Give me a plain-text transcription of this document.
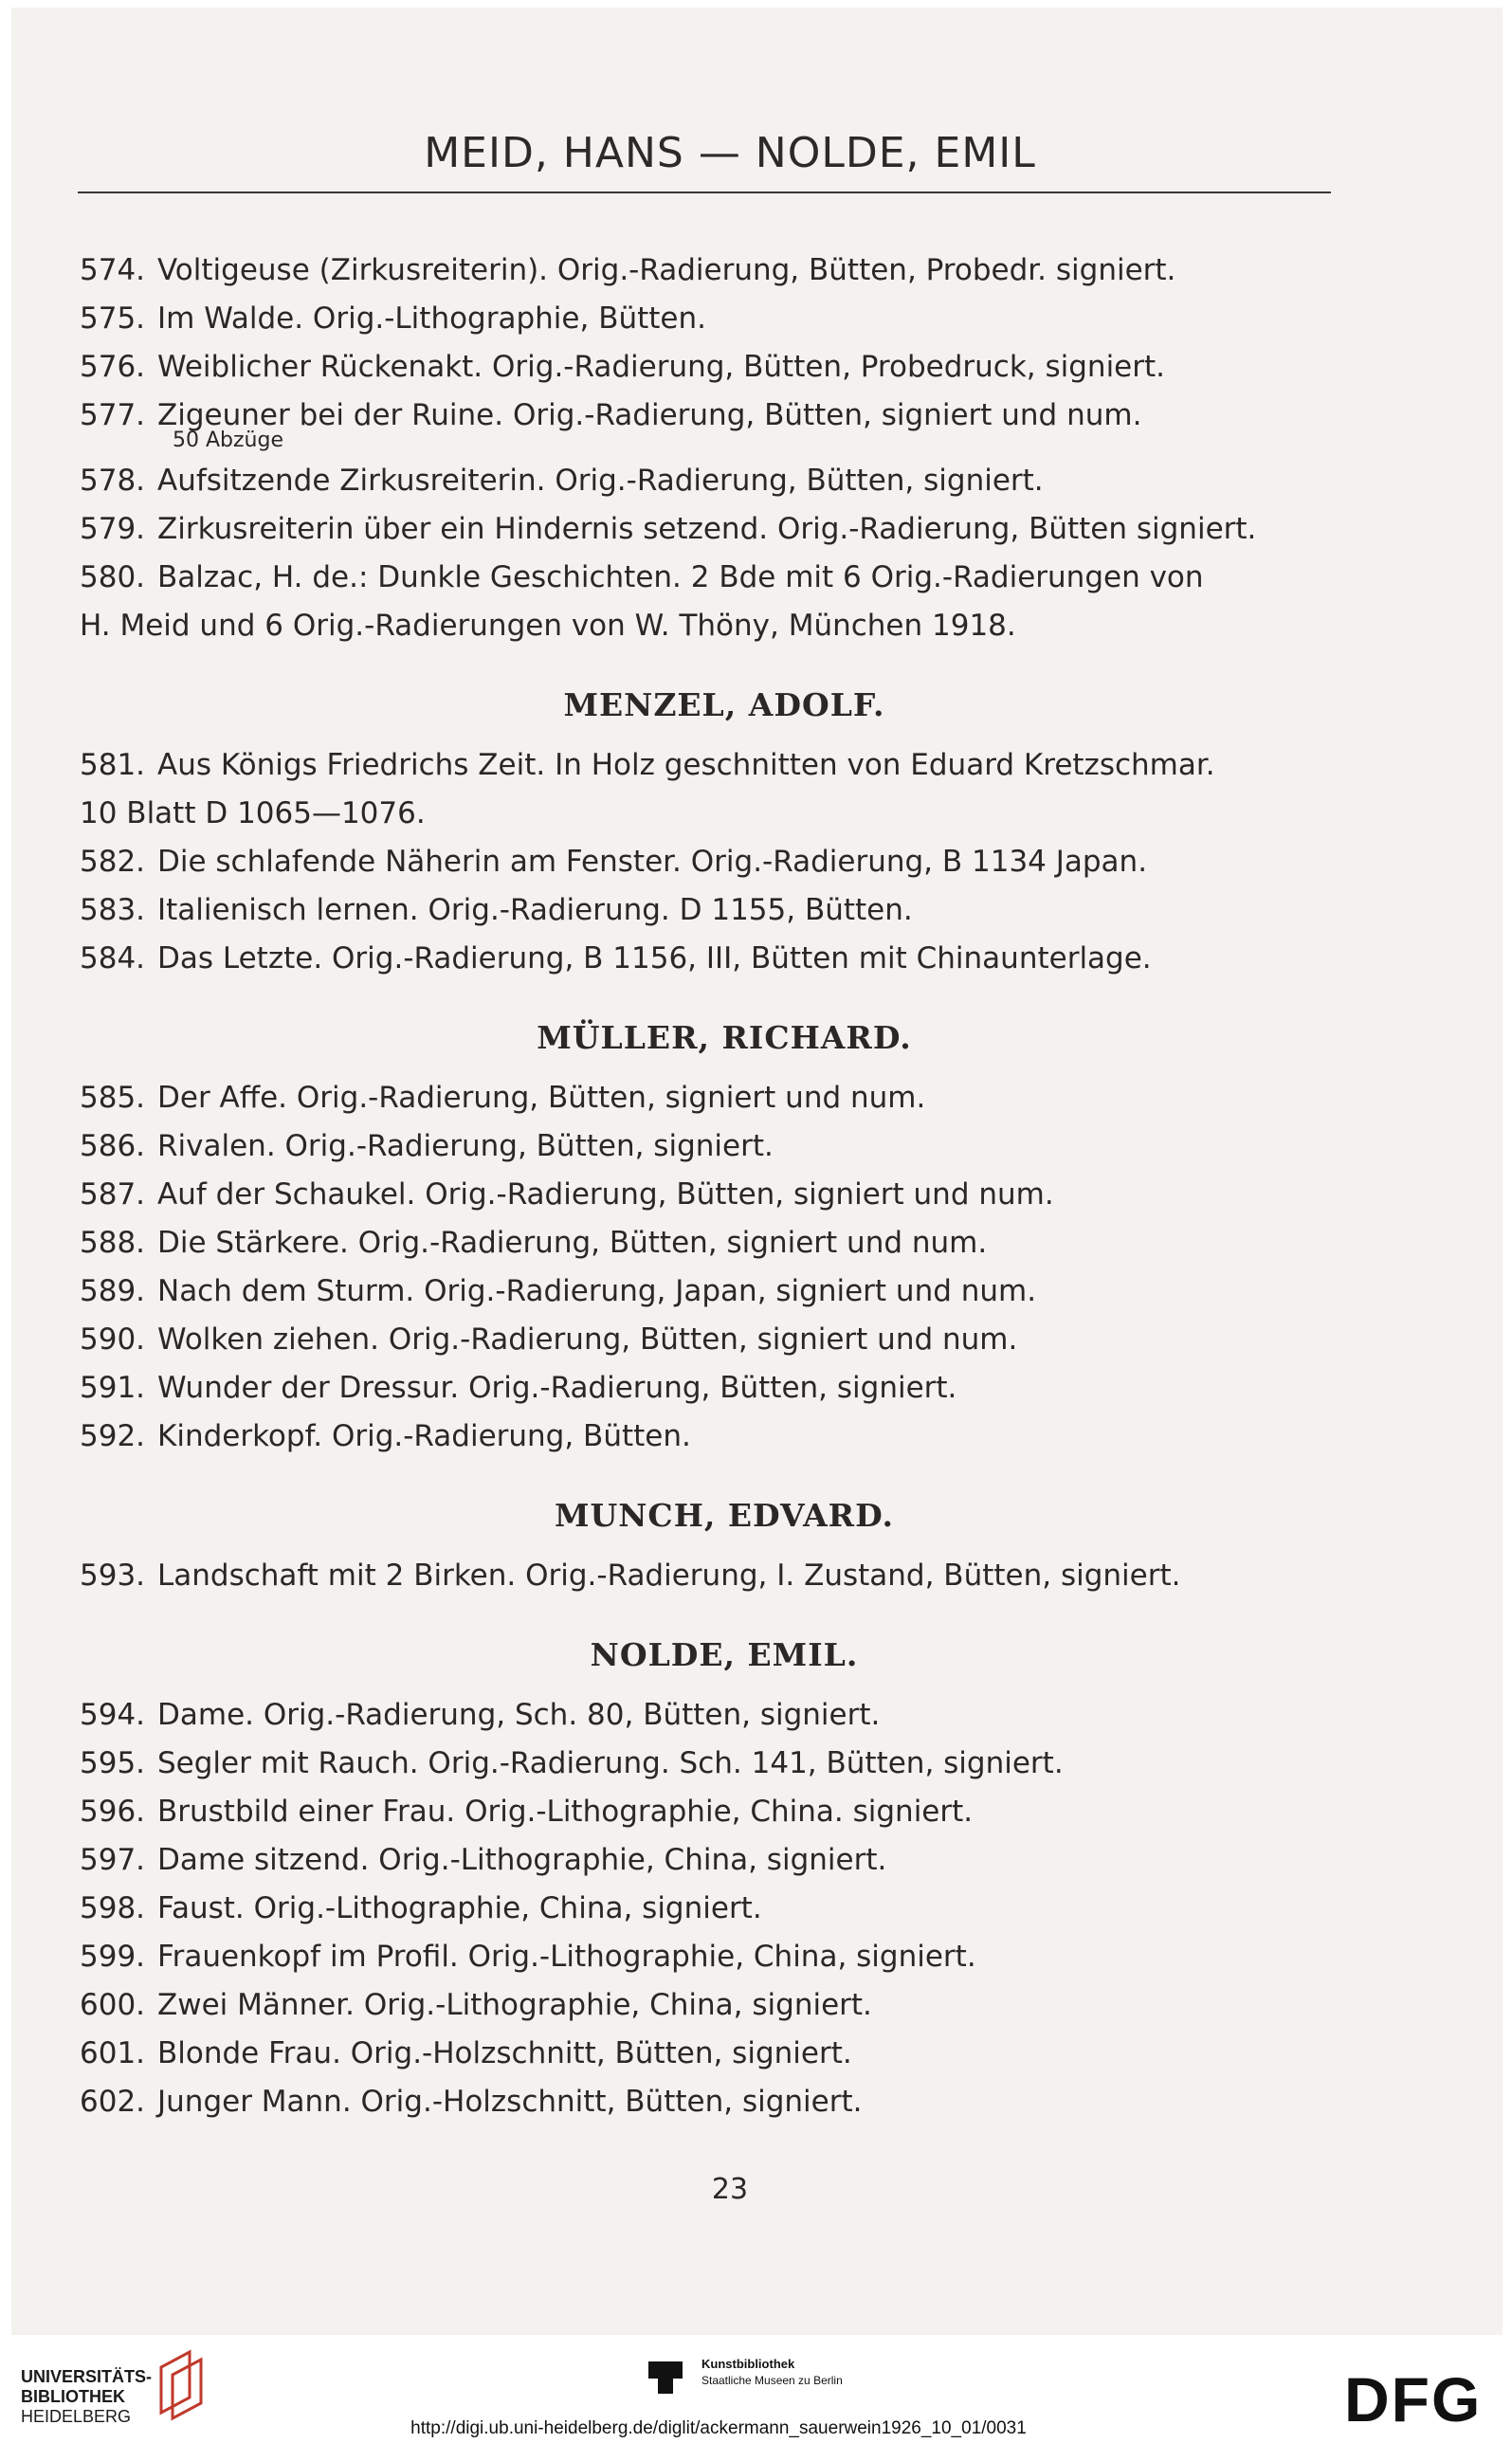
MEID, HANS — NOLDE, EMIL
574. Voltigeuse (Zirkusreiterin). Orig.-Radierung, Bütten, Probedr. signiert.
575. Im Walde. Orig.-Lithographie, Bütten.
576. Weiblicher Rückenakt. Orig.-Radierung, Bütten, Probedruck, signiert.
577. Zigeuner bei der Ruine. Orig.-Radierung, Bütten, signiert und num.
50 Abzüge
578. Aufsitzende Zirkusreiterin. Orig.-Radierung, Bütten, signiert.
579. Zirkusreiterin über ein Hindernis setzend. Orig.-Radierung, Bütten signiert.
580. Balzac, H. de.: Dunkle Geschichten. 2 Bde mit 6 Orig.-Radierungen von
H. Meid und 6 Orig.-Radierungen von W. Thöny, München 1918.
MENZEL, ADOLF.
581. Aus Königs Friedrichs Zeit. In Holz geschnitten von Eduard Kretzschmar.
10 Blatt D 1065—1076.
582. Die schlafende Näherin am Fenster. Orig.-Radierung, B 1134 Japan.
583. Italienisch lernen. Orig.-Radierung. D 1155, Bütten.
584. Das Letzte. Orig.-Radierung, B 1156, III, Bütten mit Chinaunterlage.
MÜLLER, RICHARD.
585. Der Affe. Orig.-Radierung, Bütten, signiert und num.
586. Rivalen. Orig.-Radierung, Bütten, signiert.
587. Auf der Schaukel. Orig.-Radierung, Bütten, signiert und num.
588. Die Stärkere. Orig.-Radierung, Bütten, signiert und num.
589. Nach dem Sturm. Orig.-Radierung, Japan, signiert und num.
590. Wolken ziehen. Orig.-Radierung, Bütten, signiert und num.
591. Wunder der Dressur. Orig.-Radierung, Bütten, signiert.
592. Kinderkopf. Orig.-Radierung, Bütten.
MUNCH, EDVARD.
593. Landschaft mit 2 Birken. Orig.-Radierung, I. Zustand, Bütten, signiert.
NOLDE, EMIL.
594. Dame. Orig.-Radierung, Sch. 80, Bütten, signiert.
595. Segler mit Rauch. Orig.-Radierung. Sch. 141, Bütten, signiert.
596. Brustbild einer Frau. Orig.-Lithographie, China. signiert.
597. Dame sitzend. Orig.-Lithographie, China, signiert.
598. Faust. Orig.-Lithographie, China, signiert.
599. Frauenkopf im Profil. Orig.-Lithographie, China, signiert.
600. Zwei Männer. Orig.-Lithographie, China, signiert.
601. Blonde Frau. Orig.-Holzschnitt, Bütten, signiert.
602. Junger Mann. Orig.-Holzschnitt, Bütten, signiert.
23
UNIVERSITÄTS-
BIBLIOTHEK
HEIDELBERG
Kunstbibliothek
Staatliche Museen zu Berlin	DFG
http://digi.ub.uni-heidelberg.de/diglit/ackermann_sauerwein1926_10_01/0031
